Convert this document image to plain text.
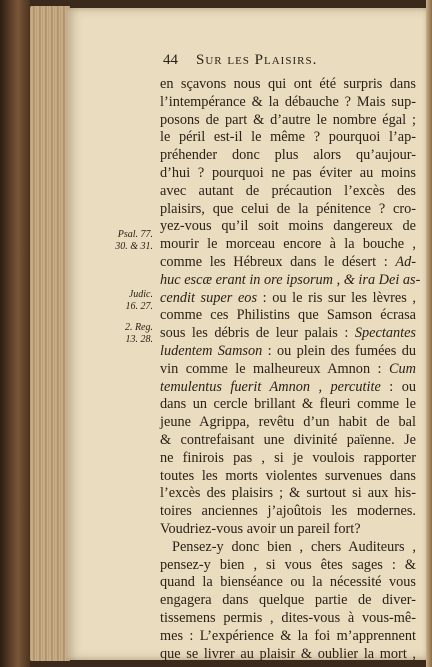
44 Sur les Plaisirs.
Psal. 77.
30. & 31.
Judic.
16. 27.
2. Reg.
13. 28.
en sçavons nous qui ont été surpris dans
l’intempérance & la débauche ? Mais sup-
posons de part & d’autre le nombre égal ;
le péril est-il le même ? pourquoi l’ap-
préhender donc plus alors qu’aujour-
d’hui ? pourquoi ne pas éviter au moins
avec autant de précaution l’excès des
plaisirs, que celui de la pénitence ? cro-
yez-vous qu’il soit moins dangereux de
mourir le morceau encore à la bouche ,
comme les Hébreux dans le désert : Ad-
huc escæ erant in ore ipsorum , & ira Dei as-
cendit super eos : ou le ris sur les lèvres ,
comme ces Philistins que Samson écrasa
sous les débris de leur palais : Spectantes
ludentem Samson : ou plein des fumées du
vin comme le malheureux Amnon : Cum
temulentus fuerit Amnon , percutite : ou
dans un cercle brillant & fleuri comme le
jeune Agrippa, revêtu d’un habit de bal
& contrefaisant une divinité païenne. Je
ne finirois pas , si je voulois rapporter
toutes les morts violentes survenues dans
l’excès des plaisirs ; & surtout si aux his-
toires anciennes j’ajoûtois les modernes.
Voudriez-vous avoir un pareil fort?
Pensez-y donc bien , chers Auditeurs ,
pensez-y bien , si vous êtes sages : &
quand la bienséance ou la nécessité vous
engagera dans quelque partie de diver-
tissemens permis , dites-vous à vous-mê-
mes : L’expérience & la foi m’apprennent
que se livrer au plaisir & oublier la mort ,
